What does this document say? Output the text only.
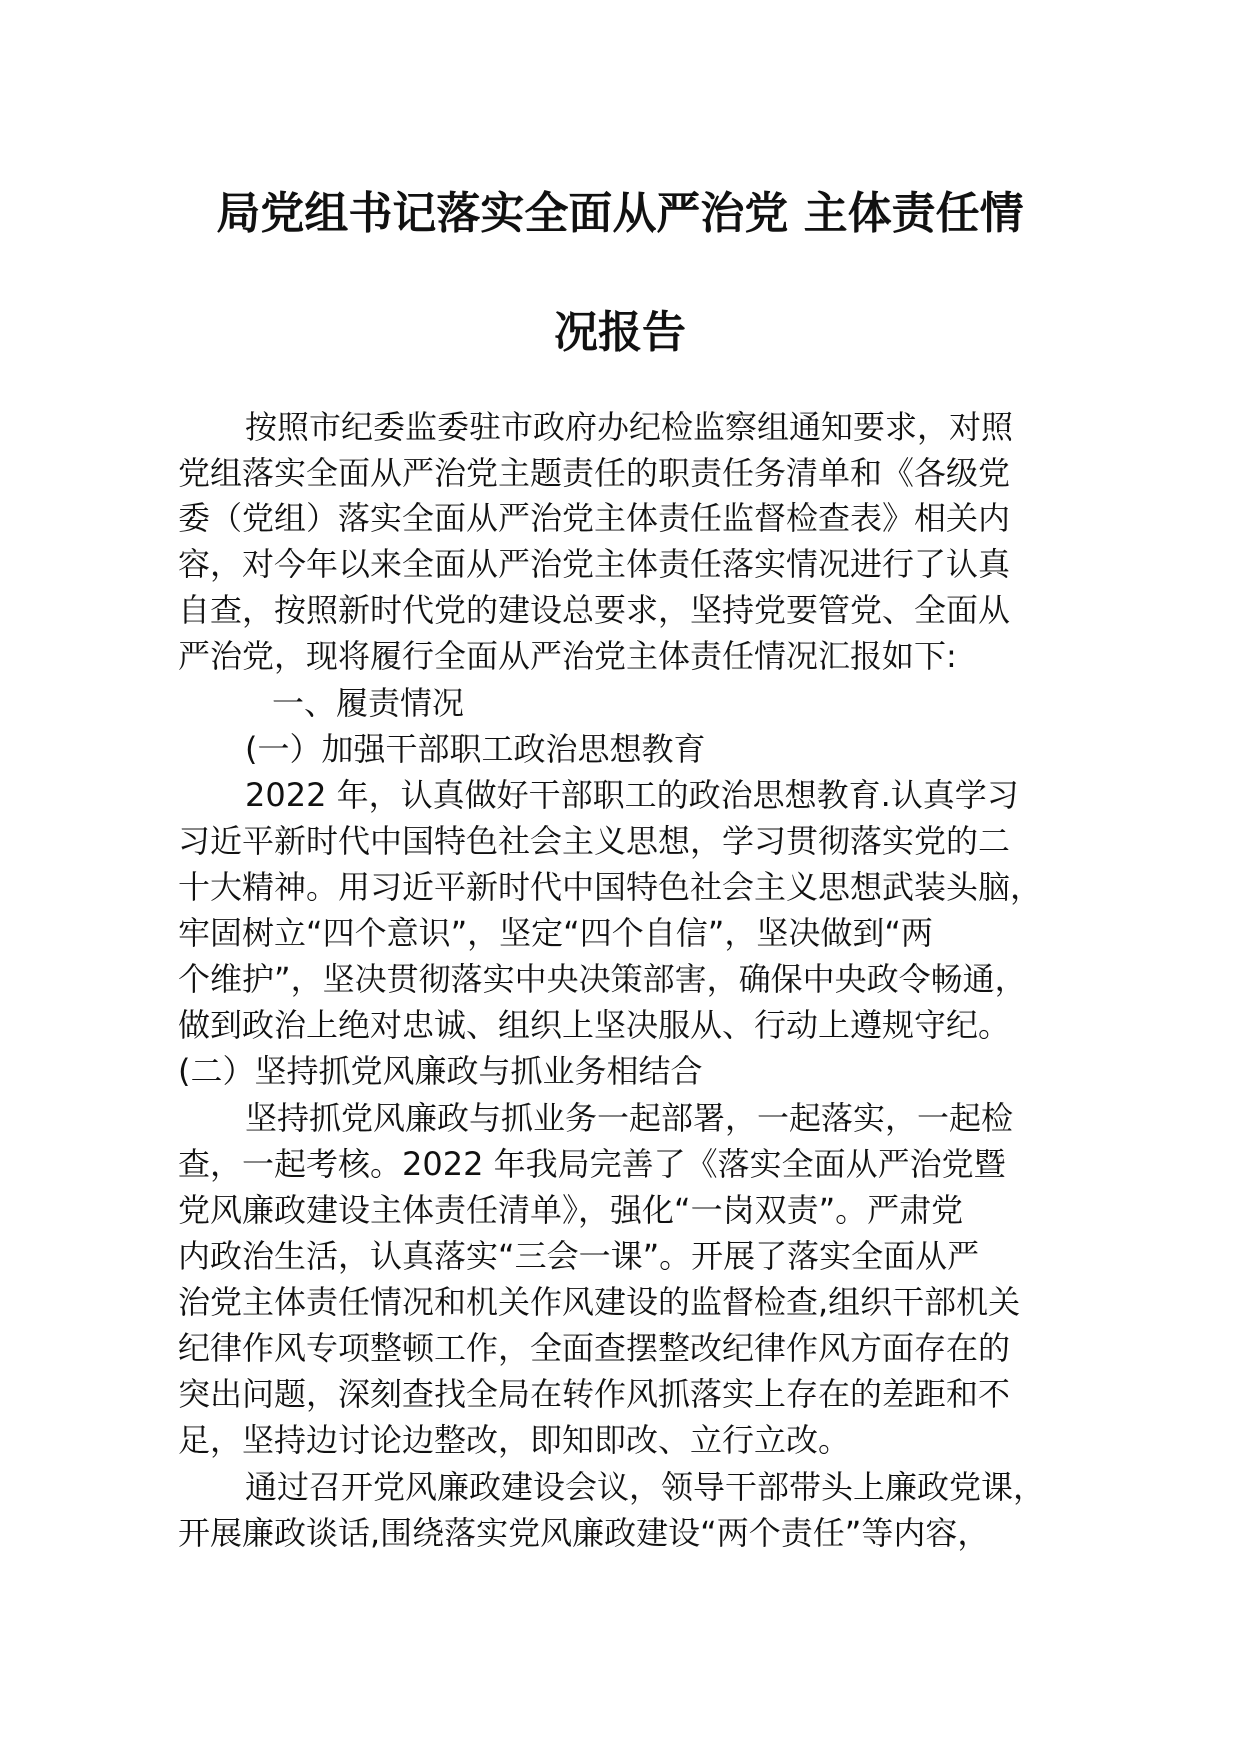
局党组书记落实全面从严治党 主体责任情
况报告

按照市纪委监委驻市政府办纪检监察组通知要求，对照

党组落实全面从严治党主题责任的职责任务清单和《各级党

委（党组）落实全面从严治党主体责任监督检查表》相关内

容，对今年以来全面从严治党主体责任落实情况进行了认真

自查，按照新时代党的建设总要求，坚持党要管党、全面从

严治党，现将履行全面从严治党主体责任情况汇报如下:

一、履责情况

(一）加强干部职工政治思想教育

2022 年，认真做好干部职工的政治思想教育.认真学习

习近平新时代中国特色社会主义思想，学习贯彻落实党的二

十大精神。用习近平新时代中国特色社会主义思想武装头脑，

牢固树立“四个意识”，坚定“四个自信”，坚决做到“两

个维护”，坚决贯彻落实中央决策部害，确保中央政令畅通，

做到政治上绝对忠诚、组织上坚决服从、行动上遵规守纪。

(二）坚持抓党风廉政与抓业务相结合

坚持抓党风廉政与抓业务一起部署，一起落实，一起检

查，一起考核。2022 年我局完善了《落实全面从严治党暨

党风廉政建设主体责任清单》，强化“一岗双责”。严肃党

内政治生活，认真落实“三会一课”。开展了落实全面从严

治党主体责任情况和机关作风建设的监督检查,组织干部机关

纪律作风专项整顿工作，全面查摆整改纪律作风方面存在的

突出问题，深刻查找全局在转作风抓落实上存在的差距和不

足，坚持边讨论边整改，即知即改、立行立改。

通过召开党风廉政建设会议，领导干部带头上廉政党课，

开展廉政谈话,围绕落实党风廉政建设“两个责任”等内容，
